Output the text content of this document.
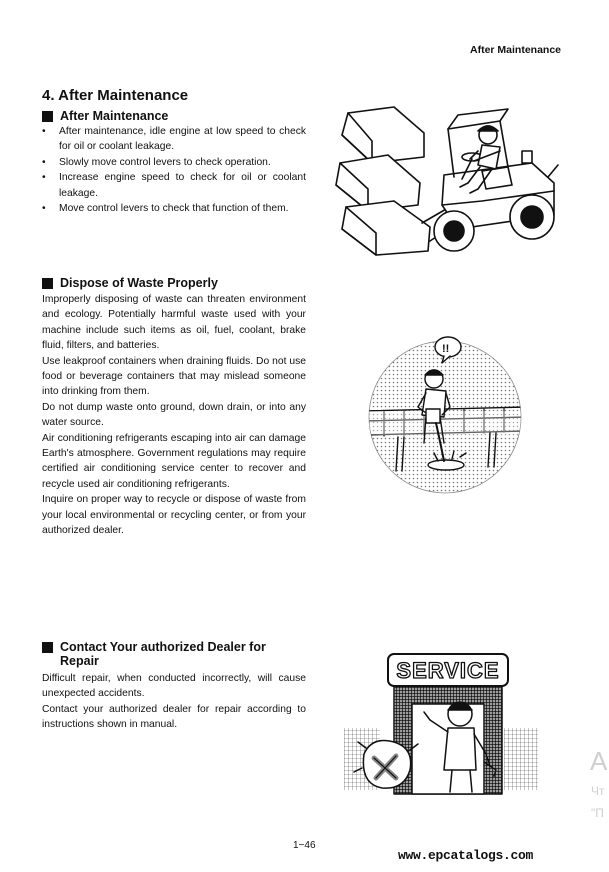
After Maintenance
4. After Maintenance
After Maintenance
• After maintenance, idle engine at low speed to check for oil or coolant leakage.
• Slowly move control levers to check operation.
• Increase engine speed to check for oil or coolant leakage.
• Move control levers to check that function of them.
Dispose of Waste Properly

Improperly disposing of waste can threaten environment and ecology. Potentially harmful waste used with your machine include such items as oil, fuel, coolant, brake fluid, filters, and batteries.

Use leakproof containers when draining fluids. Do not use food or beverage containers that may mislead someone into drinking from them.

Do not dump waste onto ground, down drain, or into any water source.

Air conditioning refrigerants escaping into air can damage Earth's atmosphere. Government regulations may require certified air conditioning service center to recover and recycle used air conditioning refrigerants.

Inquire on proper way to recycle or dispose of waste from your local environmental or recycling center, or from your authorized dealer.

Contact Your authorized Dealer for
Repair

Difficult repair, when conducted incorrectly, will cause unexpected accidents.

Contact your authorized dealer for repair according to instructions shown in manual.

!!
SERVICE
A
Чт
"П
1−46
www.epcatalogs.com
